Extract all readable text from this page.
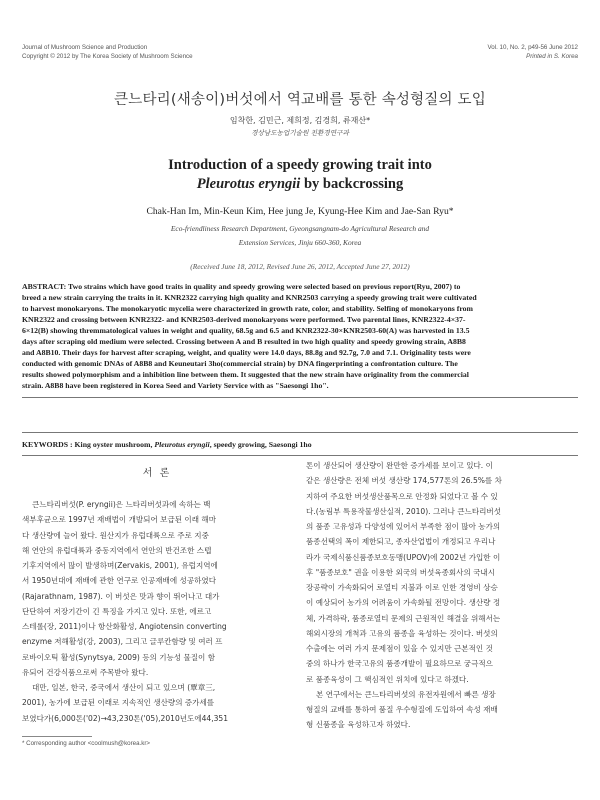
Journal of Mushroom Science and Production
Copyright © 2012 by The Korea Society of Mushroom Science
Vol. 10, No. 2, p49-56 June 2012
Printed in S. Korea
큰느타리(새송이)버섯에서 역교배를 통한 속성형질의 도입
임착한, 김민근, 제희정, 김경희, 류재산*
경상남도농업기술원 친환경연구과
Introduction of a speedy growing trait into
Pleurotus eryngii by backcrossing
Chak-Han Im, Min-Keun Kim, Hee jung Je, Kyung-Hee Kim and Jae-San Ryu*
Eco-friendliness Research Department, Gyeongsangnam-do Agricultural Research and
Extension Services, Jinju 660-360, Korea
(Received June 18, 2012, Revised June 26, 2012, Accepted June 27, 2012)
ABSTRACT: Two strains which have good traits in quality and speedy growing were selected based on previous report(Ryu, 2007) to
breed a new strain carrying the traits in it. KNR2322 carrying high quality and KNR2503 carrying a speedy growing trait were cultivated
to harvest monokaryons. The monokaryotic mycelia were characterized in growth rate, color, and stability. Selfing of monokaryons from
KNR2322 and crossing between KNR2322- and KNR2503-derived monokaryons were performed. Two parental lines, KNR2322-4×37-
6×12(B) showing thremmatological values in weight and quality, 68.5g and 6.5 and KNR2322-30×KNR2503-60(A) was harvested in 13.5
days after scraping old medium were selected. Crossing between A and B resulted in two high quality and speedy growing strain, A8B8
and A8B10. Their days for harvest after scraping, weight, and quality were 14.0 days, 88.8g and 92.7g, 7.0 and 7.1. Originality tests were
conducted with genomic DNAs of A8B8 and Keuneutari 3ho(commercial strain) by DNA fingerprinting a confrontation culture. The
results showed polymorphism and a inhibition line between them. It suggested that the new strain have originality from the commercial
strain. A8B8 have been registered in Korea Seed and Variety Service with as "Saesongi 1ho".
KEYWORDS : King oyster mushroom, Pleurotus eryngii, speedy growing, Saesongi 1ho
서 론
큰느타리버섯(P. eryngii)은 느타리버섯과에 속하는 백
색부후균으로 1997년 재배법이 개발되어 보급된 이래 해마
다 생산량에 늘어 왔다. 원산지가 유럽대륙으로 주로 지중
해 연안의 유럽대륙과 중동지역에서 연안의 반건조한 스텝
기후지역에서 많이 발생하며(Zervakis, 2001), 유럽지역에
서 1950년대에 재배에 관한 연구로 인공재배에 성공하였다
(Rajarathnam, 1987). 이 버섯은 맛과 향이 뛰어나고 대가
단단하여 저장기간이 긴 특징을 가지고 있다. 또한, 에르고
스테롤(장, 2011)이나 항산화활성, Angiotensin converting
enzyme 저해활성(강, 2003), 그리고 글루칸함량 및 여러 프
로바이오틱 활성(Synytsya, 2009) 등의 기능성 물질이 함
유되어 건강식품으로써 주목받아 왔다.
대만, 일본, 한국, 중국에서 생산이 되고 있으며 (覃章三,
2001), 농가에 보급된 이래로 지속적인 생산량의 증가세를
보였다가(6,000톤('02)→43,230톤('05),2010년도에44,351
톤이 생산되어 생산량이 완만한 증가세를 보이고 있다. 이
같은 생산량은 전체 버섯 생산량 174,577톤의 26.5%를 차
지하여 주요한 버섯생산품목으로 안정화 되었다고 볼 수 있
다.(농림부 특용작물생산실적, 2010). 그러나 큰느타리버섯
의 품종 고유성과 다양성에 있어서 부족한 점이 많아 농가의
품종선택의 폭이 제한되고, 종자산업법이 개정되고 우리나
라가 국제식품신품종보호동맹(UPOV)에 2002년 가입한 이
후 "품종보호" 권을 이용한 외국의 버섯육종회사의 국내시
장공략이 가속화되어 로열티 지불과 이로 인한 경영비 상승
이 예상되어 농가의 어려움이 가속화될 전망이다. 생산량 정
체, 가격하락, 품종로열티 문제의 근원적인 해결을 위해서는
해외시장의 개척과 고유의 품종을 육성하는 것이다. 버섯의
수출에는 여러 가지 문제점이 있을 수 있지만 근본적인 것
중의 하나가 한국고유의 품종개발이 필요하므로 궁극적으
로 품종육성이 그 핵심적인 위치에 있다고 하겠다.
본 연구에서는 큰느타리버섯의 유전자원에서 빠른 생장
형질의 교배를 통하여 품질 우수형질에 도입하여 속성 재배
형 신품종을 육성하고자 하였다.
* Corresponding author <coolmush@korea.kr>
